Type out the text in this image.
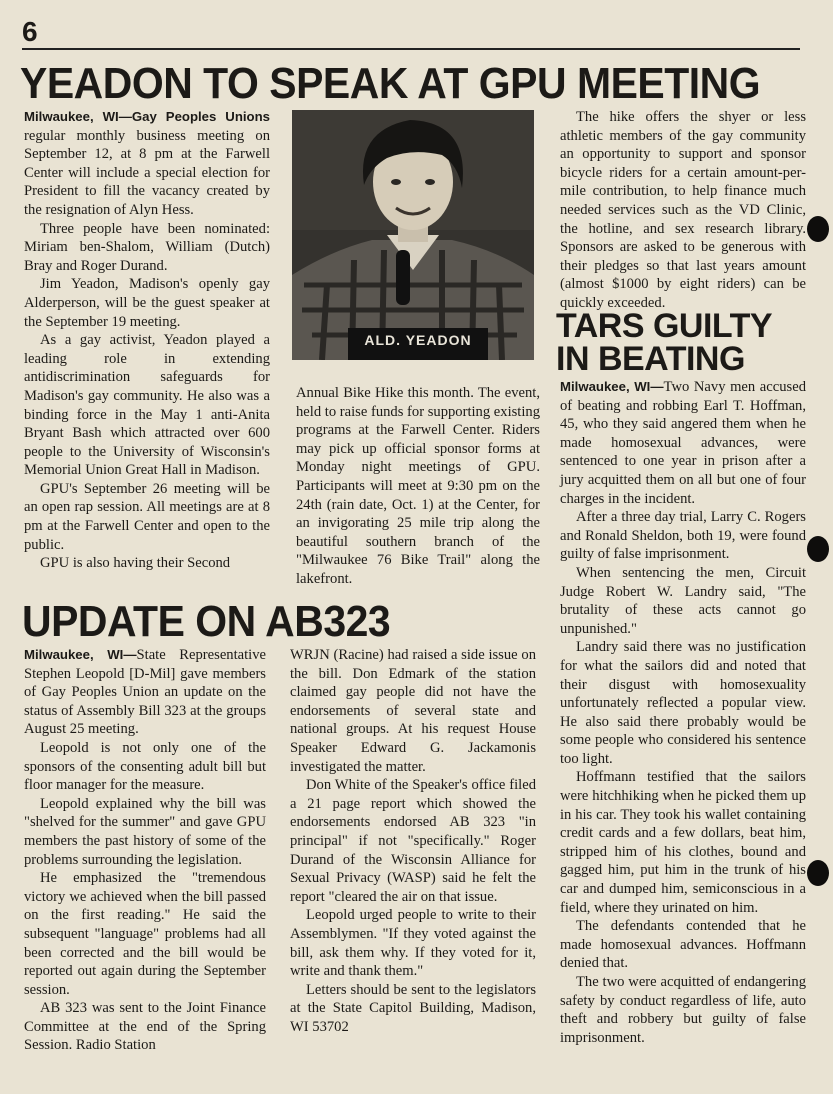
6
YEADON TO SPEAK AT GPU MEETING

Milwaukee, WI—Gay Peoples Unions regular monthly business meeting on September 12, at 8 pm at the Farwell Center will include a special election for President to fill the vacancy created by the resignation of Alyn Hess.

Three people have been nominated: Miriam ben-Shalom, William (Dutch) Bray and Roger Durand.

Jim Yeadon, Madison's openly gay Alderperson, will be the guest speaker at the September 19 meeting.

As a gay activist, Yeadon played a leading role in extending antidiscrimination safeguards for Madison's gay community. He also was a binding force in the May 1 anti-Anita Bryant Bash which attracted over 600 people to the University of Wisconsin's Memorial Union Great Hall in Madison.

GPU's September 26 meeting will be an open rap session. All meetings are at 8 pm at the Farwell Center and open to the public.

GPU is also having their Second

ALD. YEADON

Annual Bike Hike this month. The event, held to raise funds for supporting existing programs at the Farwell Center. Riders may pick up official sponsor forms at Monday night meetings of GPU. Participants will meet at 9:30 pm on the 24th (rain date, Oct. 1) at the Center, for an invigorating 25 mile trip along the beautiful southern branch of the "Milwaukee 76 Bike Trail" along the lakefront.

The hike offers the shyer or less athletic members of the gay community an opportunity to support and sponsor bicycle riders for a certain amount-per-mile contribution, to help finance much needed services such as the VD Clinic, the hotline, and sex research library. Sponsors are asked to be generous with their pledges so that last years amount (almost $1000 by eight riders) can be quickly exceeded.

TARS GUILTY
IN BEATING

Milwaukee, WI—Two Navy men accused of beating and robbing Earl T. Hoffman, 45, who they said angered them when he made homosexual advances, were sentenced to one year in prison after a jury acquitted them on all but one of four charges in the incident.

After a three day trial, Larry C. Rogers and Ronald Sheldon, both 19, were found guilty of false imprisonment.

When sentencing the men, Circuit Judge Robert W. Landry said, "The brutality of these acts cannot go unpunished."

Landry said there was no justification for what the sailors did and noted that their disgust with homosexuality unfortunately reflected a popular view. He also said there probably would be some people who considered his sentence too light.

Hoffmann testified that the sailors were hitchhiking when he picked them up in his car. They took his wallet containing credit cards and a few dollars, beat him, stripped him of his clothes, bound and gagged him, put him in the trunk of his car and dumped him, semiconscious in a field, where they urinated on him.

The defendants contended that he made homosexual advances. Hoffmann denied that.

The two were acquitted of endangering safety by conduct regardless of life, auto theft and robbery but guilty of false imprisonment.

UPDATE ON AB323

Milwaukee, WI—State Representative Stephen Leopold [D-Mil] gave members of Gay Peoples Union an update on the status of Assembly Bill 323 at the groups August 25 meeting.

Leopold is not only one of the sponsors of the consenting adult bill but floor manager for the measure.

Leopold explained why the bill was "shelved for the summer" and gave GPU members the past history of some of the problems surrounding the legislation.

He emphasized the "tremendous victory we achieved when the bill passed on the first reading." He said the subsequent "language" problems had all been corrected and the bill would be reported out again during the September session.

AB 323 was sent to the Joint Finance Committee at the end of the Spring Session. Radio Station

WRJN (Racine) had raised a side issue on the bill. Don Edmark of the station claimed gay people did not have the endorsements of several state and national groups. At his request House Speaker Edward G. Jackamonis investigated the matter.

Don White of the Speaker's office filed a 21 page report which showed the endorsements endorsed AB 323 "in principal" if not "specifically." Roger Durand of the Wisconsin Alliance for Sexual Privacy (WASP) said he felt the report "cleared the air on that issue.

Leopold urged people to write to their Assemblymen. "If they voted against the bill, ask them why. If they voted for it, write and thank them."

Letters should be sent to the legislators at the State Capitol Building, Madison, WI 53702
